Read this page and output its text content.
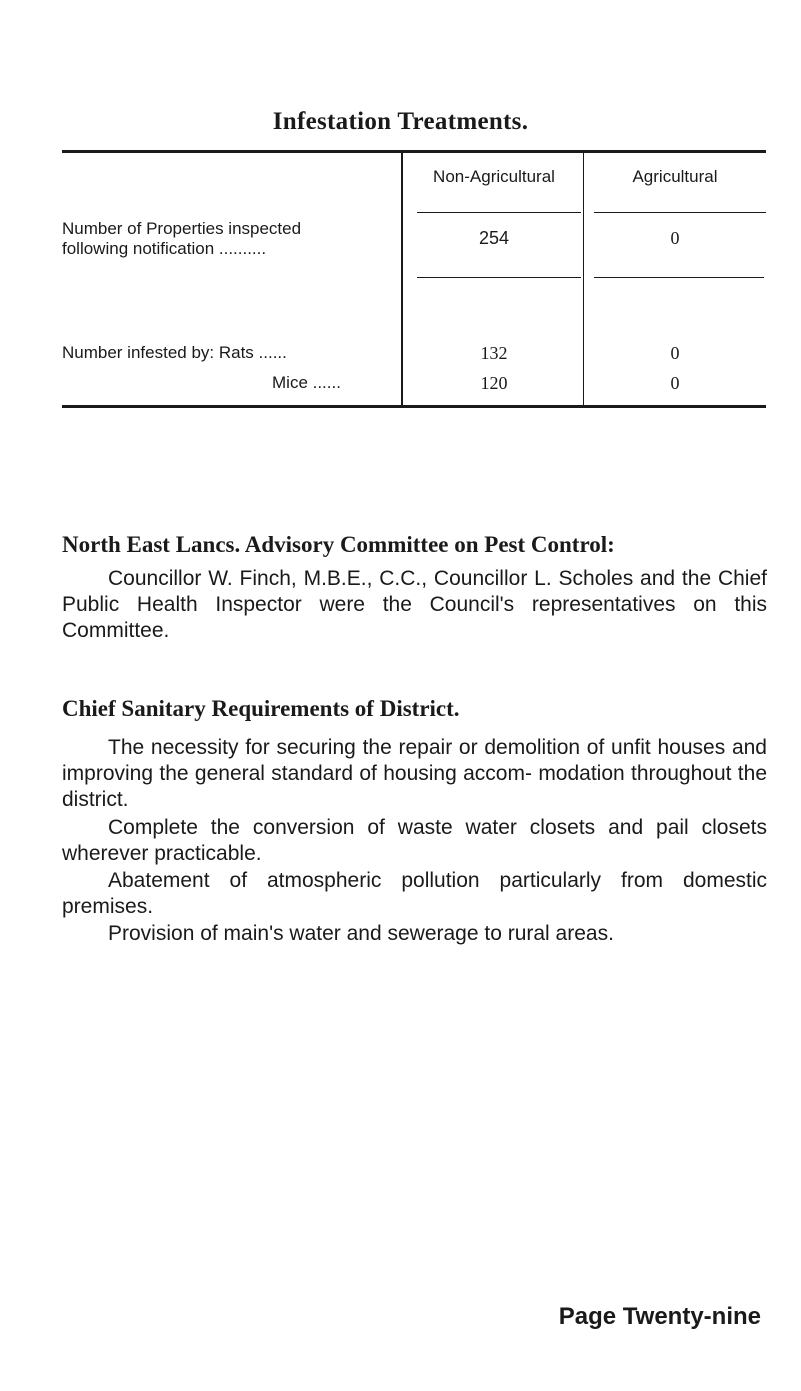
Infestation Treatments.
Non-Agricultural	Agricultural
Number of Properties inspected
following notification ..........
254	0
Number infested by: Rats ......	132	0
Mice ......	120	0
North East Lancs. Advisory Committee on Pest Control:

Councillor W. Finch, M.B.E., C.C., Councillor L. Scholes and the Chief Public Health Inspector were the Council's representatives on this Committee.

Chief Sanitary Requirements of District.

The necessity for securing the repair or demolition of unfit houses and improving the general standard of housing accom- modation throughout the district.

Complete the conversion of waste water closets and pail closets wherever practicable.

Abatement of atmospheric pollution particularly from domestic premises.

Provision of main's water and sewerage to rural areas.

Page Twenty-nine
